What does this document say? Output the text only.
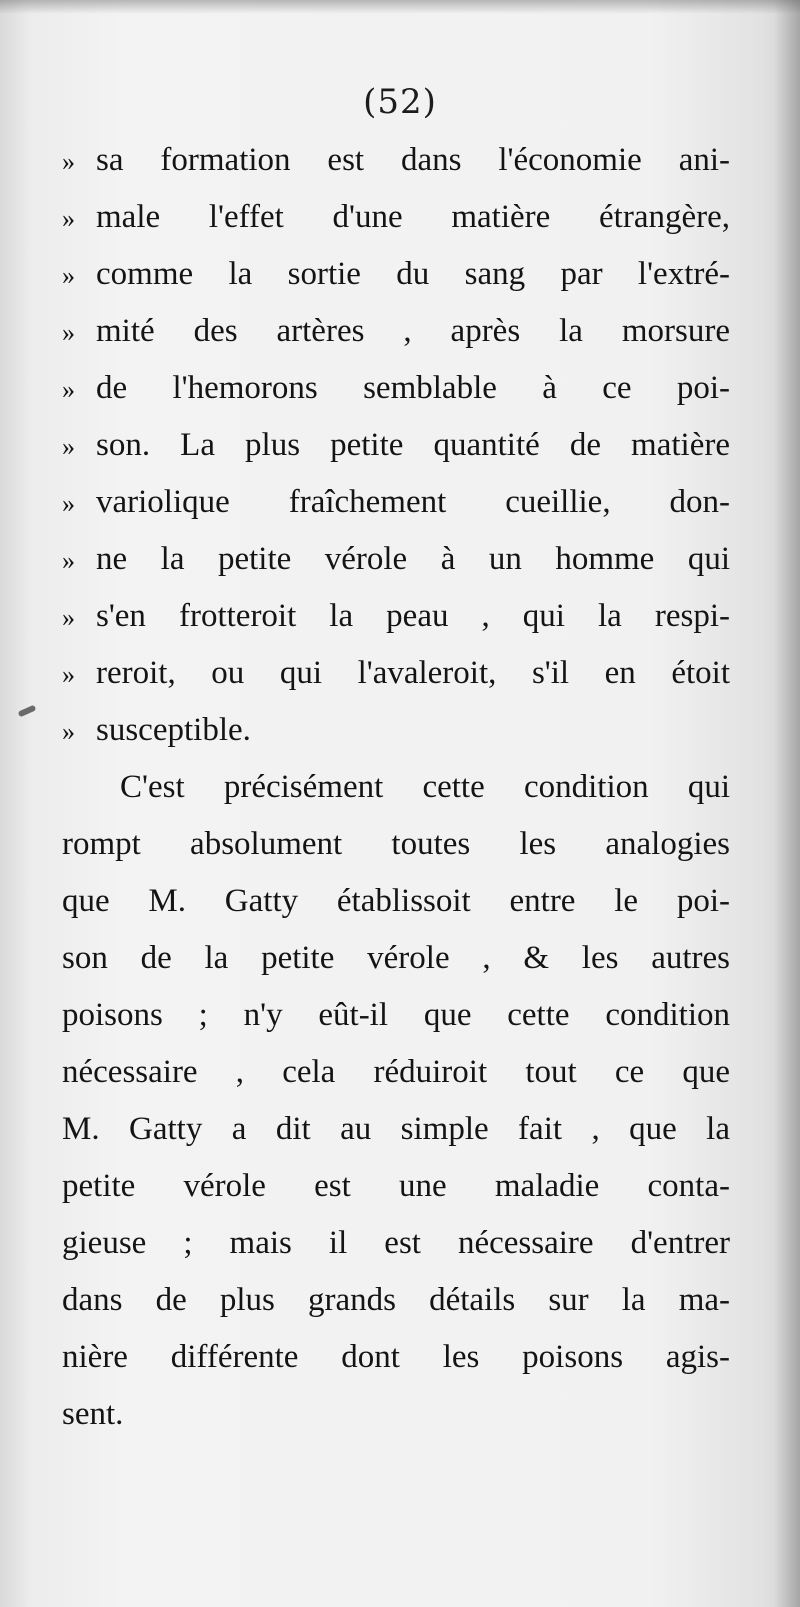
(52)
» sa formation est dans l'économie ani-
» male l'effet d'une matière étrangère,
» comme la sortie du sang par l'extré-
» mité des artères , après la morsure
» de l'hemorons semblable à ce poi-
» son. La plus petite quantité de matière
» variolique fraîchement cueillie, don-
» ne la petite vérole à un homme qui
» s'en frotteroit la peau , qui la respi-
» reroit, ou qui l'avaleroit, s'il en étoit
» susceptible.
C'est précisément cette condition qui
rompt absolument toutes les analogies
que M. Gatty établissoit entre le poi-
son de la petite vérole , & les autres
poisons ; n'y eût-il que cette condition
nécessaire , cela réduiroit tout ce que
M. Gatty a dit au simple fait , que la
petite vérole est une maladie conta-
gieuse ; mais il est nécessaire d'entrer
dans de plus grands détails sur la ma-
nière différente dont les poisons agis-
sent.
